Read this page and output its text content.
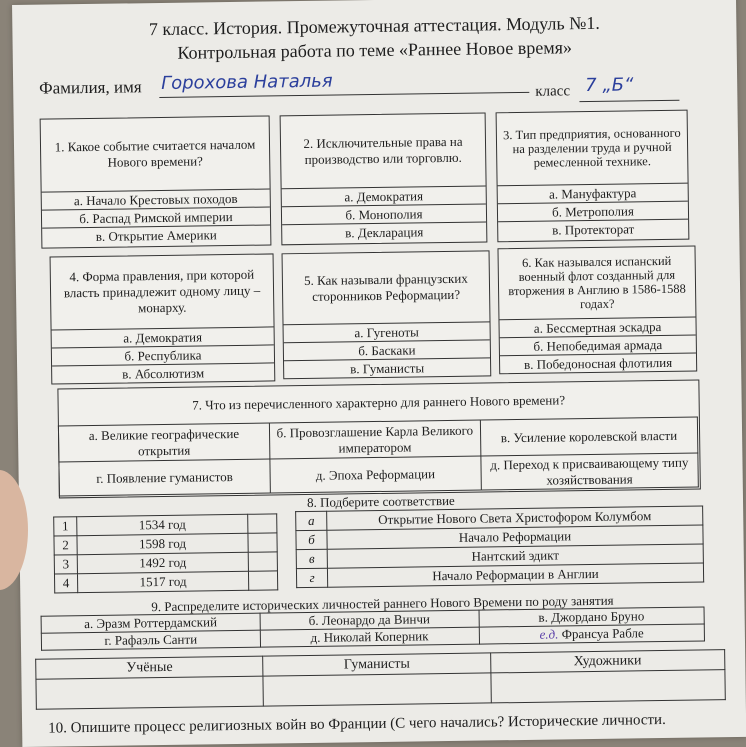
7 класс. История. Промежуточная аттестация. Модуль №1.
Контрольная работа по теме «Раннее Новое время»
Фамилия, имя Горохова Наталья	класс 7 „Б“
1. Какое событие считается началом Нового времени?
а. Начало Крестовых походов
б. Распад Римской империи
в. Открытие Америки
2. Исключительные права на производство или торговлю.
а. Демократия
б. Монополия
в. Декларация
3. Тип предприятия, основанного на разделении труда и ручной ремесленной технике.
а. Мануфактура
б. Метрополия
в. Протекторат
4. Форма правления, при которой власть принадлежит одному лицу – монарху.
а. Демократия
б. Республика
в. Абсолютизм
5. Как называли французских сторонников Реформации?
а. Гугеноты
б. Баскаки
в. Гуманисты
6. Как назывался испанский военный флот созданный для вторжения в Англию в 1586-1588 годах?
а. Бессмертная эскадра
б. Непобедимая армада
в. Победоносная флотилия
7. Что из перечисленного характерно для раннего Нового времени?
а. Великие географические открытия	б. Провозглашение Карла Великого императором	в. Усиление королевской власти
г. Появление гуманистов	д. Эпоха Реформации	д. Переход к присваивающему типу хозяйствования
8. Подберите соответствие
1	1534 год	
2	1598 год	
3	1492 год	
4	1517 год	
а	Открытие Нового Света Христофором Колумбом
б	Начало Реформации
в	Нантский эдикт
г	Начало Реформации в Англии
9. Распределите исторических личностей раннего Нового Времени по роду занятия
а. Эразм Роттердамский	б. Леонардо да Винчи	в. Джордано Бруно
г. Рафаэль Санти	д. Николай Коперник	е.д. Франсуа Рабле
Учёные	Гуманисты	Художники

10. Опишите процесс религиозных войн во Франции (С чего начались? Исторические личности.
